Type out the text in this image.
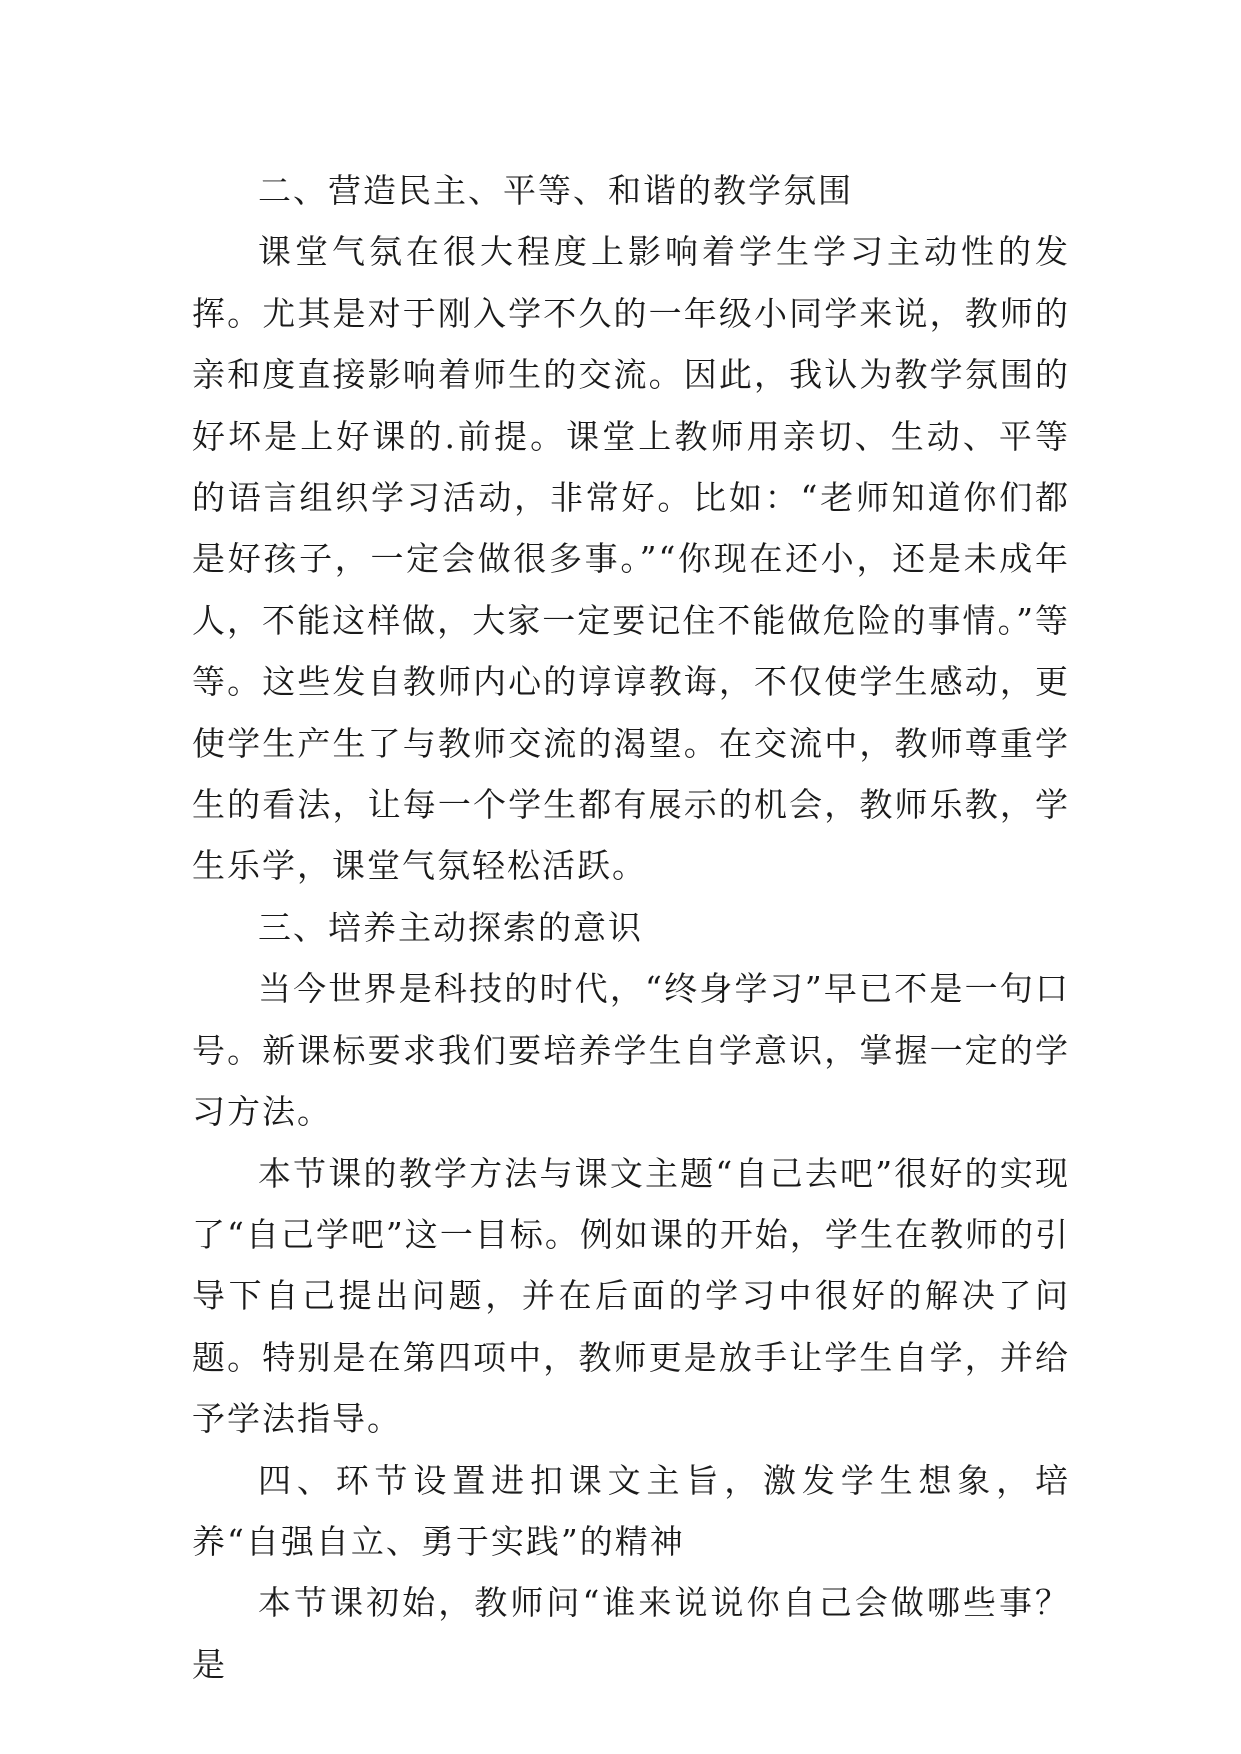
二、营造民主、平等、和谐的教学氛围

课堂气氛在很大程度上影响着学生学习主动性的发挥。尤其是对于刚入学不久的一年级小同学来说，教师的亲和度直接影响着师生的交流。因此，我认为教学氛围的好坏是上好课的.前提。课堂上教师用亲切、生动、平等的语言组织学习活动，非常好。比如：“老师知道你们都是好孩子，一定会做很多事。”“你现在还小，还是未成年人，不能这样做，大家一定要记住不能做危险的事情。”等等。这些发自教师内心的谆谆教诲，不仅使学生感动，更使学生产生了与教师交流的渴望。在交流中，教师尊重学生的看法，让每一个学生都有展示的机会，教师乐教，学生乐学，课堂气氛轻松活跃。

三、培养主动探索的意识

当今世界是科技的时代，“终身学习”早已不是一句口号。新课标要求我们要培养学生自学意识，掌握一定的学习方法。

本节课的教学方法与课文主题“自己去吧”很好的实现了“自己学吧”这一目标。例如课的开始，学生在教师的引导下自己提出问题，并在后面的学习中很好的解决了问题。特别是在第四项中，教师更是放手让学生自学，并给予学法指导。

四、环节设置进扣课文主旨，激发学生想象，培养“自强自立、勇于实践”的精神

本节课初始，教师问“谁来说说你自己会做哪些事？是
